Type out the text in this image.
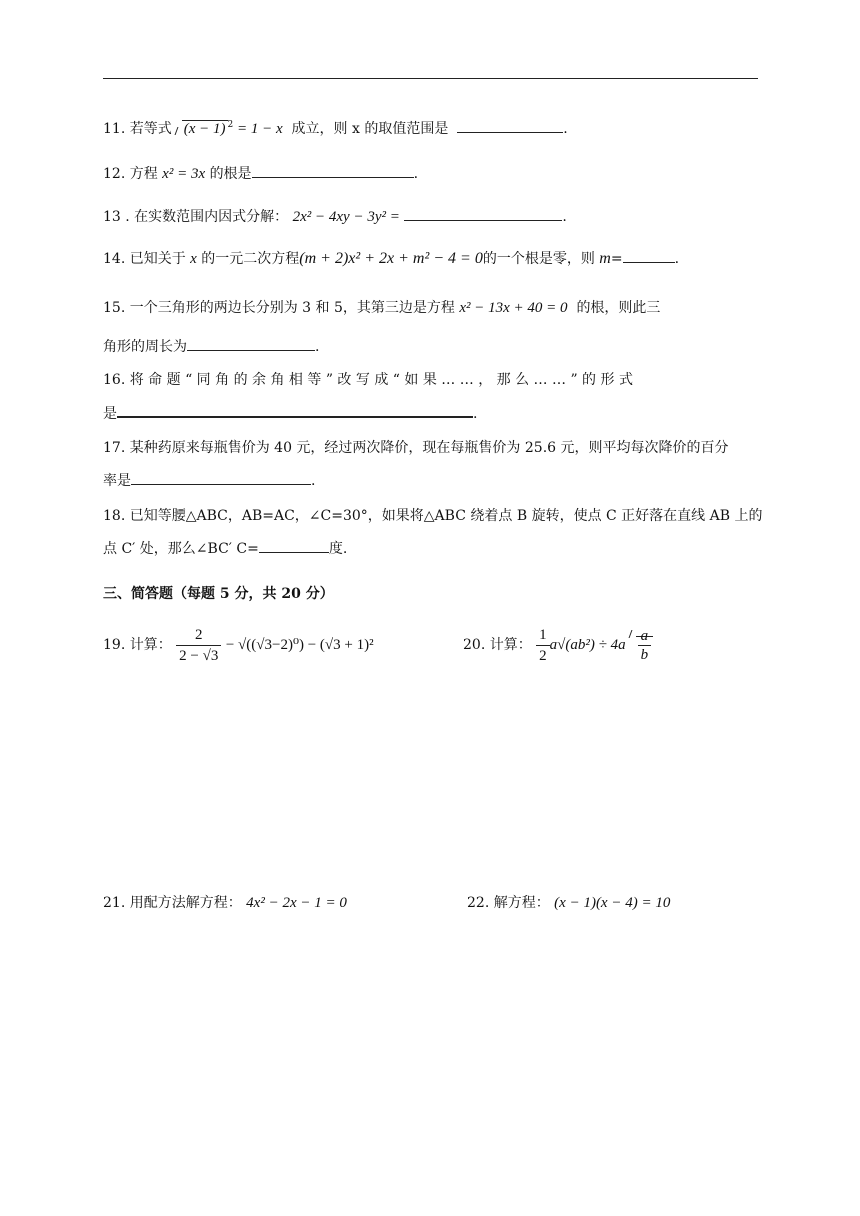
11. 若等式 (x − 1) $^2$ = 1 − x 成立，则 x 的取值范围是	.
12. 方程 x² = 3x 的根是	.
13 . 在实数范围内因式分解： 2x² − 4xy − 3y² =	.
14. 已知关于 x 的一元二次方程(m + 2)x² + 2x + m² − 4 = 0的一个根是零，则 m=	.
15. 一个三角形的两边长分别为 3 和 5，其第三边是方程 x² − 13x + 40 = 0 的根，则此三
角形的周长为	.
16. 将 命 题 “ 同 角 的 余 角 相 等 ” 改 写 成 “ 如 果 … … ， 那 么 … … ” 的 形 式
是	.
17. 某种药原来每瓶售价为 40 元，经过两次降价，现在每瓶售价为 25.6 元，则平均每次降价的百分
率是	.
18. 已知等腰△ABC，AB=AC，∠C=30°，如果将△ABC 绕着点 B 旋转，使点 C 正好落在直线 AB 上的
点 C′ 处，那么∠BC′ C=	度.
三、简答题（每题 5 分，共 20 分）
19. 计算： $\frac{2}{2 - √3} - √((√3-2)^0) - (√3 + 1)^2$	20. 计算： $\frac{1}{2} a√(ab^2) \div 4a \frac{a}{b}$
21. 用配方法解方程： 4x² − 2x − 1 = 0	22. 解方程： (x − 1)(x − 4) = 10
